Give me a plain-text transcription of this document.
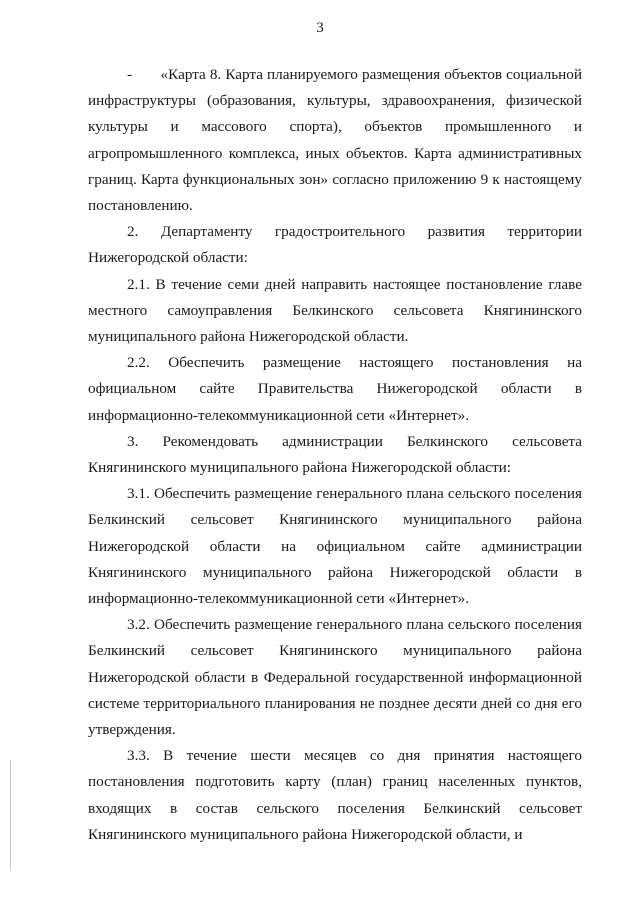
3

-       «Карта 8. Карта планируемого размещения объектов социальной инфраструктуры (образования, культуры, здравоохранения, физической культуры и массового спорта), объектов промышленного и агропромышленного комплекса, иных объектов. Карта административных границ. Карта функциональных зон» согласно приложению 9 к настоящему постановлению.

2. Департаменту градостроительного развития территории Нижегородской области:

2.1. В течение семи дней направить настоящее постановление главе местного самоуправления Белкинского сельсовета Княгининского муниципального района Нижегородской области.

2.2. Обеспечить размещение настоящего постановления на официальном сайте Правительства Нижегородской области в информационно-телекоммуникационной сети «Интернет».

3. Рекомендовать администрации Белкинского сельсовета Княгининского муниципального района Нижегородской области:

3.1. Обеспечить размещение генерального плана сельского поселения Белкинский сельсовет Княгининского муниципального района Нижегородской области на официальном сайте администрации Княгининского муниципального района Нижегородской области в информационно-телекоммуникационной сети «Интернет».

3.2. Обеспечить размещение генерального плана сельского поселения Белкинский сельсовет Княгининского муниципального района Нижегородской области в Федеральной государственной информационной системе территориального планирования не позднее десяти дней со дня его утверждения.

3.3. В течение шести месяцев со дня принятия настоящего постановления подготовить карту (план) границ населенных пунктов, входящих в состав сельского поселения Белкинский сельсовет Княгининского муниципального района Нижегородской области, и
